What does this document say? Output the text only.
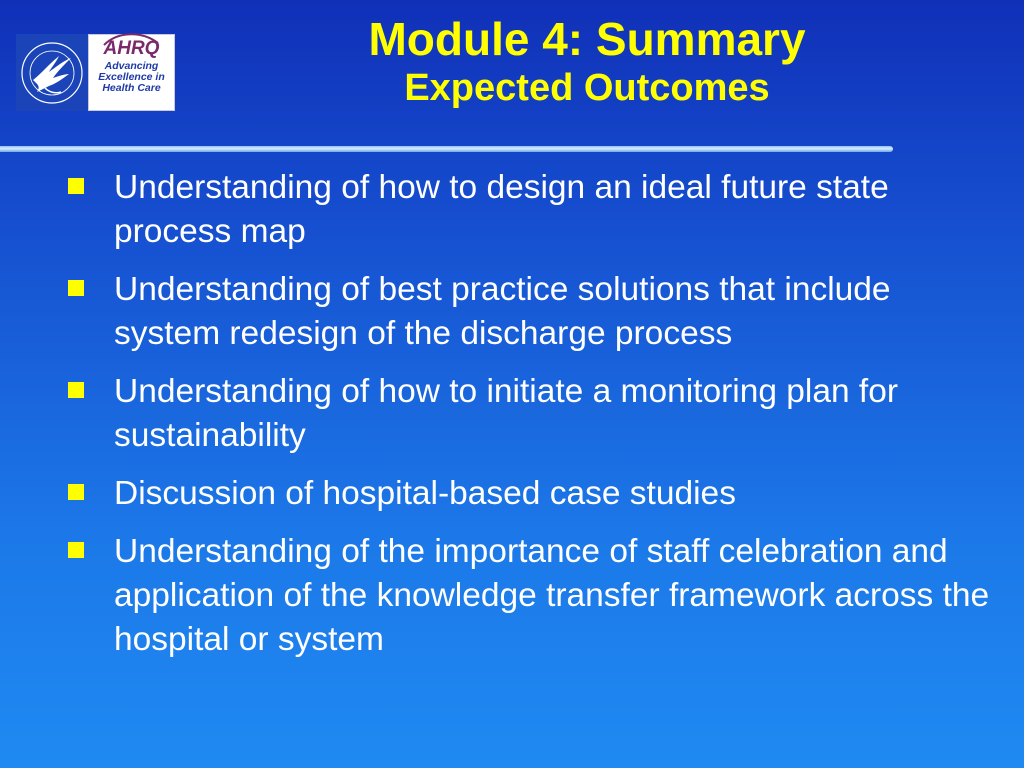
AHRQ
Advancing
Excellence in
Health Care
Module 4: Summary
Expected Outcomes
Understanding of how to design an ideal future state process map
Understanding of best practice solutions that include system redesign of the discharge process
Understanding of how to initiate a monitoring plan for sustainability
Discussion of hospital-based case studies
Understanding of the importance of staff celebration and application of the knowledge transfer framework across the hospital or system
